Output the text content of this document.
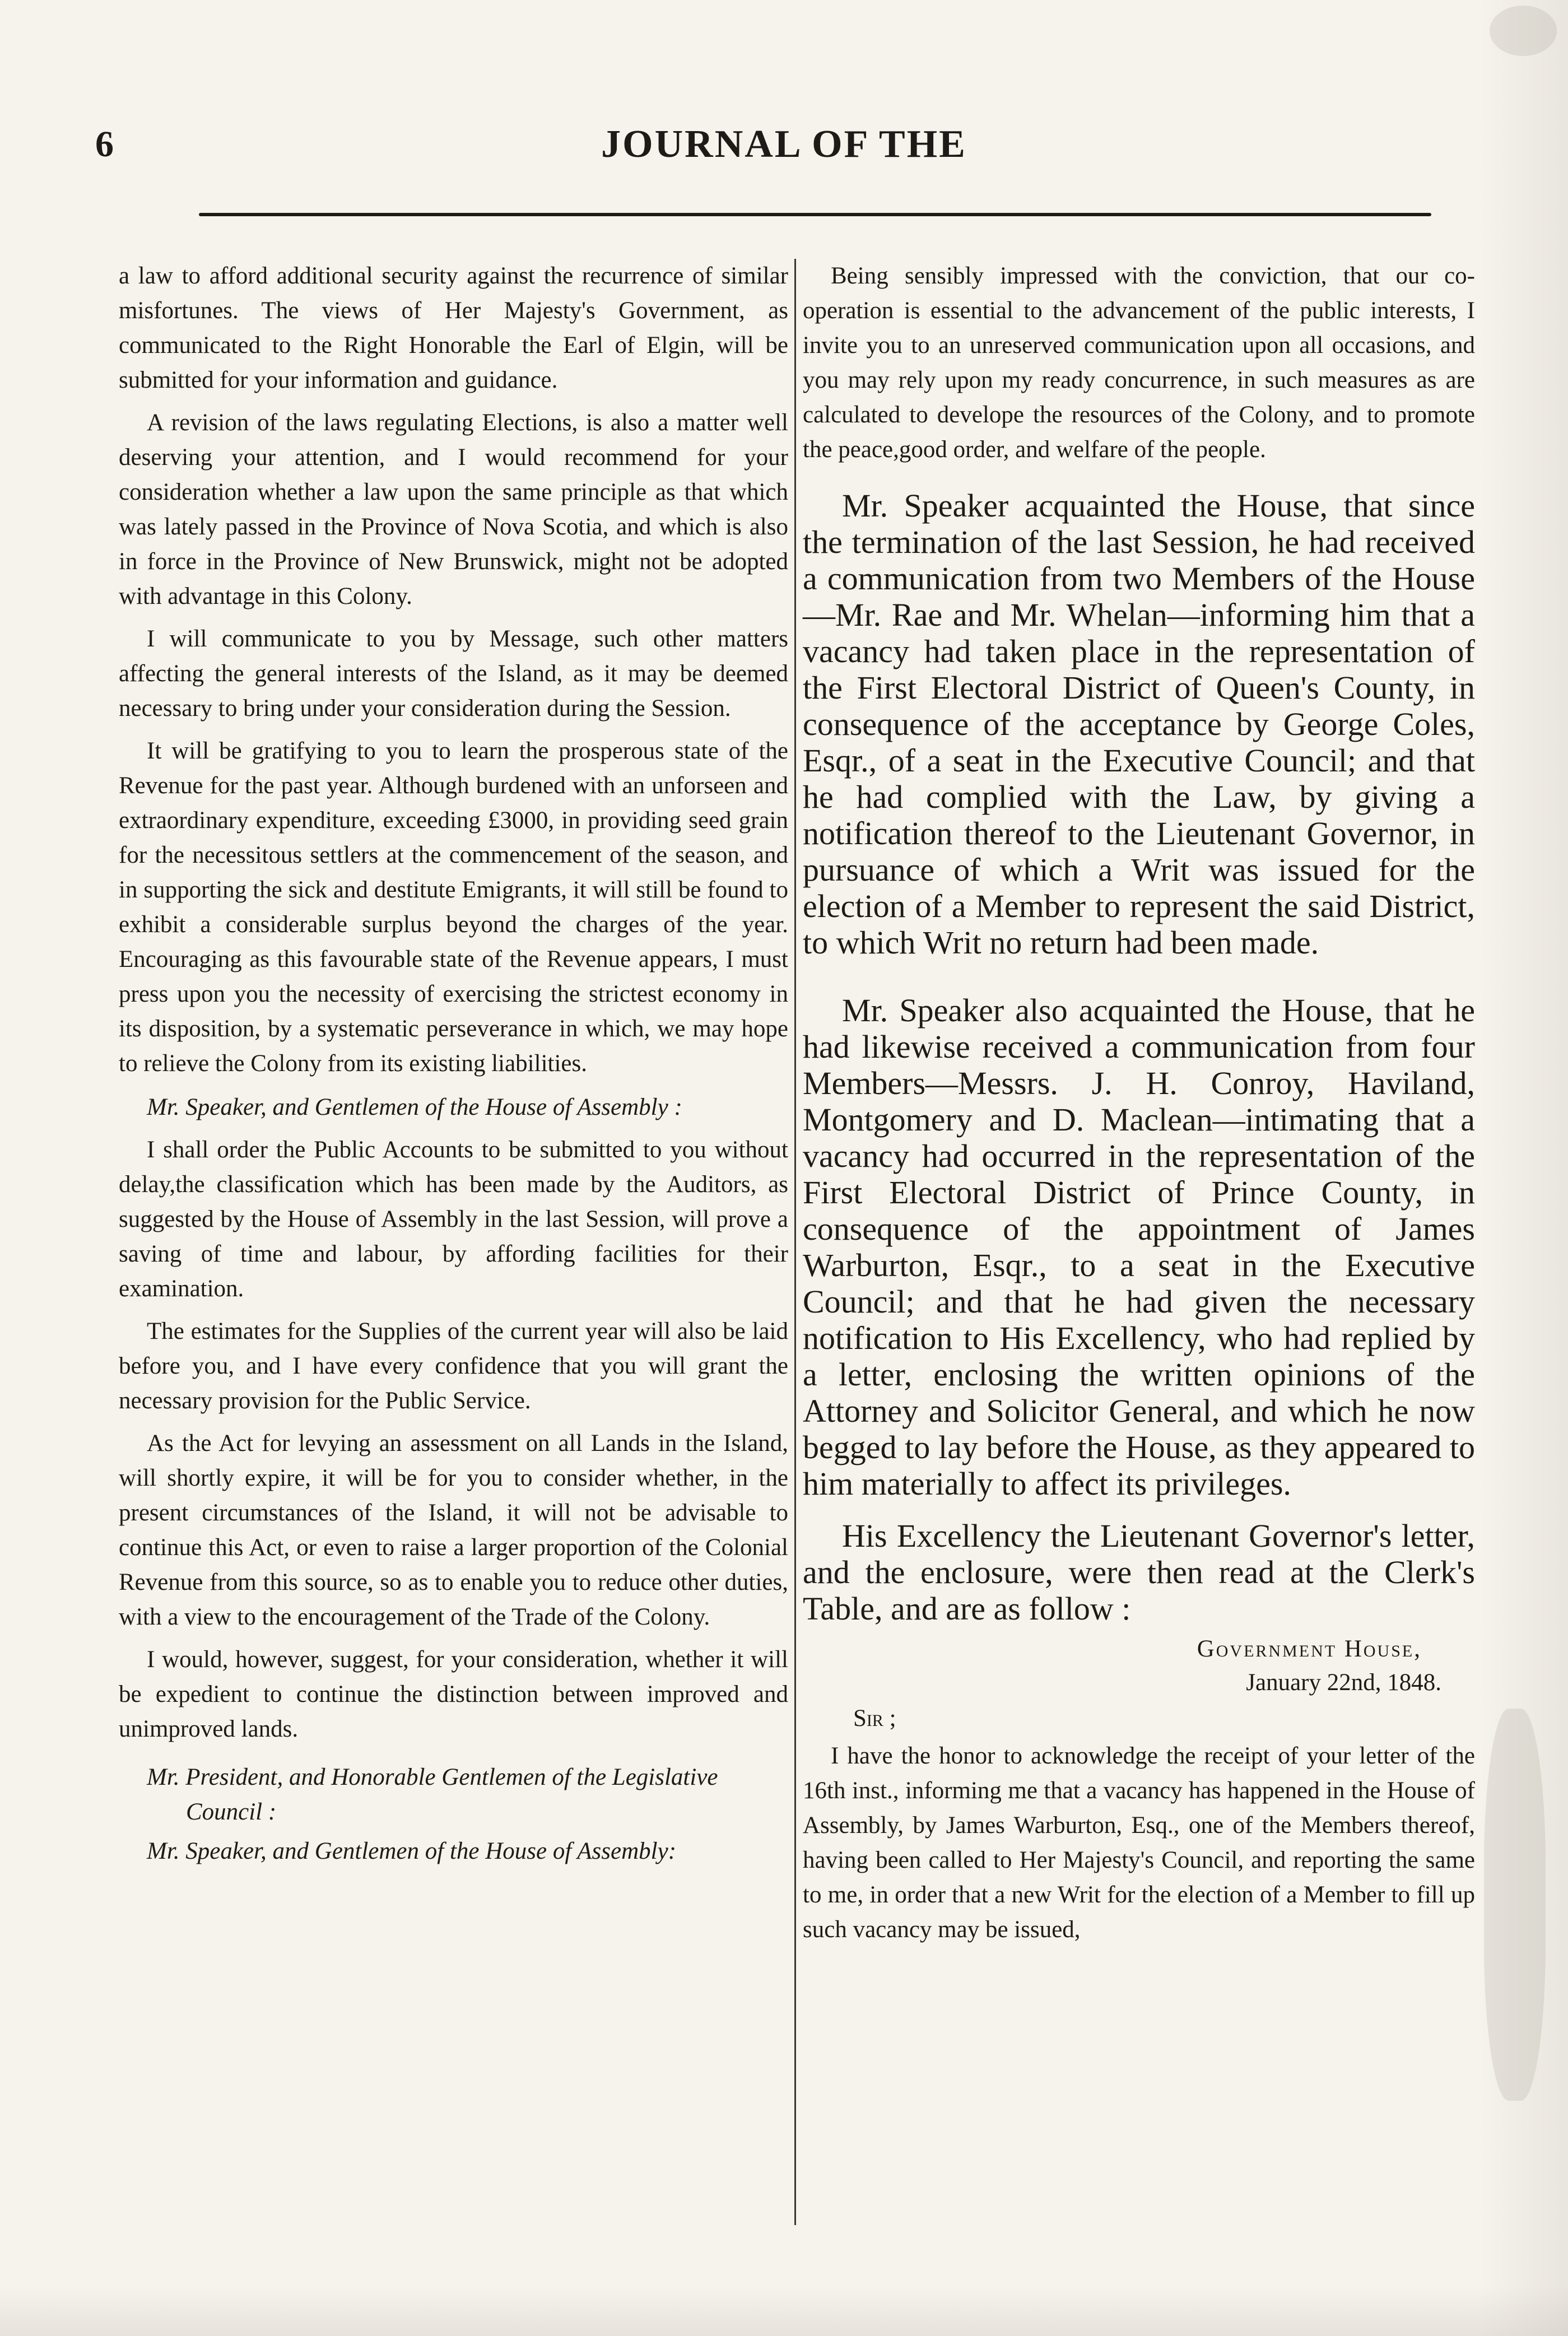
6	JOURNAL OF THE

a law to afford additional security against the recurrence of similar misfortunes. The views of Her Majesty's Government, as communicated to the Right Honorable the Earl of Elgin, will be submitted for your information and guidance.

A revision of the laws regulating Elections, is also a matter well deserving your attention, and I would recommend for your consideration whether a law upon the same principle as that which was lately passed in the Province of Nova Scotia, and which is also in force in the Province of New Brunswick, might not be adopted with advantage in this Colony.

I will communicate to you by Message, such other matters affecting the general interests of the Island, as it may be deemed necessary to bring under your consideration during the Session.

It will be gratifying to you to learn the prosperous state of the Revenue for the past year. Although burdened with an unforseen and extraordinary expenditure, exceeding £3000, in providing seed grain for the necessitous settlers at the commencement of the season, and in supporting the sick and destitute Emigrants, it will still be found to exhibit a considerable surplus beyond the charges of the year. Encouraging as this favourable state of the Revenue appears, I must press upon you the necessity of exercising the strictest economy in its disposition, by a systematic perseverance in which, we may hope to relieve the Colony from its existing liabilities.

Mr. Speaker, and Gentlemen of the House of Assembly :

I shall order the Public Accounts to be submitted to you without delay,the classification which has been made by the Auditors, as suggested by the House of Assembly in the last Session, will prove a saving of time and labour, by affording facilities for their examination.

The estimates for the Supplies of the current year will also be laid before you, and I have every confidence that you will grant the necessary provision for the Public Service.

As the Act for levying an assessment on all Lands in the Island, will shortly expire, it will be for you to consider whether, in the present circumstances of the Island, it will not be advisable to continue this Act, or even to raise a larger proportion of the Colonial Revenue from this source, so as to enable you to reduce other duties, with a view to the encouragement of the Trade of the Colony.

I would, however, suggest, for your consideration, whether it will be expedient to continue the distinction between improved and unimproved lands.

Mr. President, and Honorable Gentlemen of the Legislative Council :
Mr. Speaker, and Gentlemen of the House of Assembly:

Being sensibly impressed with the conviction, that our co-operation is essential to the advancement of the public interests, I invite you to an unreserved communication upon all occasions, and you may rely upon my ready concurrence, in such measures as are calculated to develope the resources of the Colony, and to promote the peace,good order, and welfare of the people.

Mr. Speaker acquainted the House, that since the termination of the last Session, he had received a communication from two Members of the House—Mr. Rae and Mr. Whelan—informing him that a vacancy had taken place in the representation of the First Electoral District of Queen's County, in consequence of the acceptance by George Coles, Esqr., of a seat in the Executive Council; and that he had complied with the Law, by giving a notification thereof to the Lieutenant Governor, in pursuance of which a Writ was issued for the election of a Member to represent the said District, to which Writ no return had been made.

Mr. Speaker also acquainted the House, that he had likewise received a communication from four Members—Messrs. J. H. Conroy, Haviland, Montgomery and D. Maclean—intimating that a vacancy had occurred in the representation of the First Electoral District of Prince County, in consequence of the appointment of James Warburton, Esqr., to a seat in the Executive Council; and that he had given the necessary notification to His Excellency, who had replied by a letter, enclosing the written opinions of the Attorney and Solicitor General, and which he now begged to lay before the House, as they appeared to him materially to affect its privileges.

His Excellency the Lieutenant Governor's letter, and the enclosure, were then read at the Clerk's Table, and are as follow :

Government House,
January 22nd, 1848.
Sir ;

I have the honor to acknowledge the receipt of your letter of the 16th inst., informing me that a vacancy has happened in the House of Assembly, by James Warburton, Esq., one of the Members thereof, having been called to Her Majesty's Council, and reporting the same to me, in order that a new Writ for the election of a Member to fill up such vacancy may be issued,
